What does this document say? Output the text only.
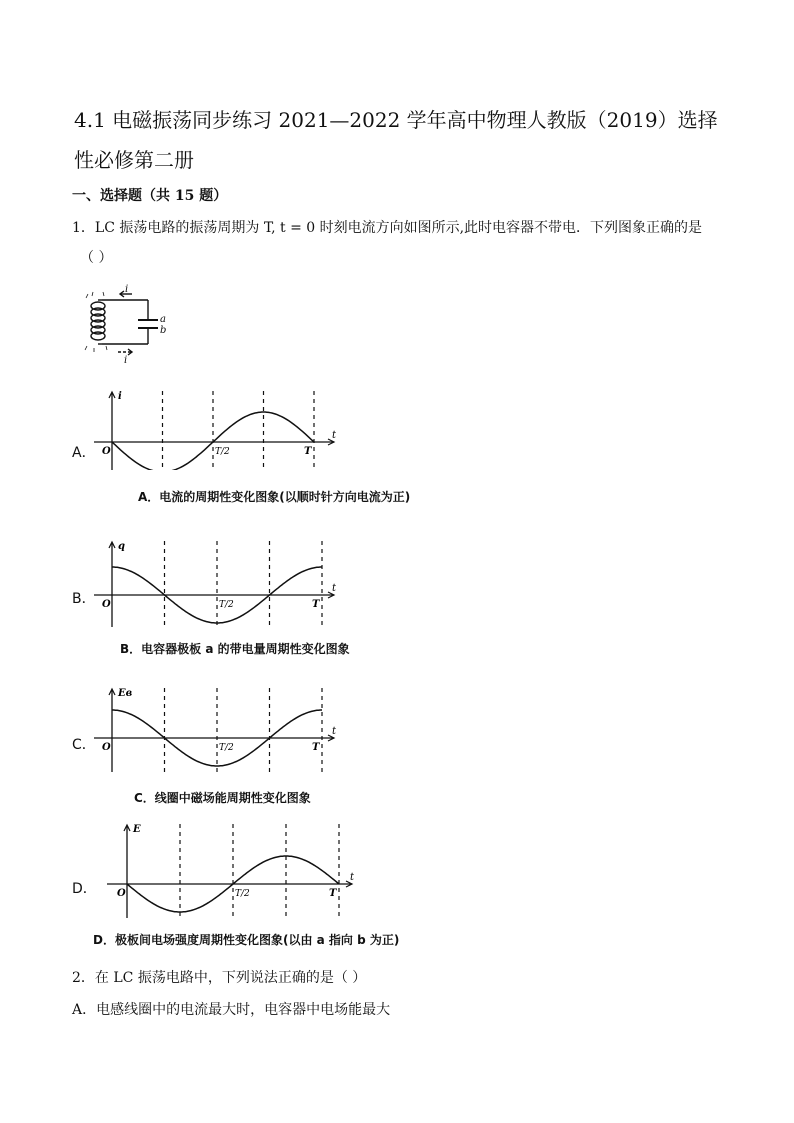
4.1 电磁振荡同步练习 2021—2022 学年高中物理人教版（2019）选择性必修第二册
一、选择题（共 15 题）
1．LC 振荡电路的振荡周期为 T, t = 0 时刻电流方向如图所示,此时电容器不带电．下列图象正确的是
（ ）
i
i
a
b
A．
i
t
O	T/2	T
A．电流的周期性变化图象(以顺时针方向电流为正)
B．
q
t
O	T/2	T
B．电容器极板 a 的带电量周期性变化图象
C．
Eв
t
O	T/2	T
C．线圈中磁场能周期性变化图象
D．
E
t
O	T/2	T
D．极板间电场强度周期性变化图象(以由 a 指向 b 为正)
2．在 LC 振荡电路中，下列说法正确的是（ ）
A．电感线圈中的电流最大时，电容器中电场能最大
